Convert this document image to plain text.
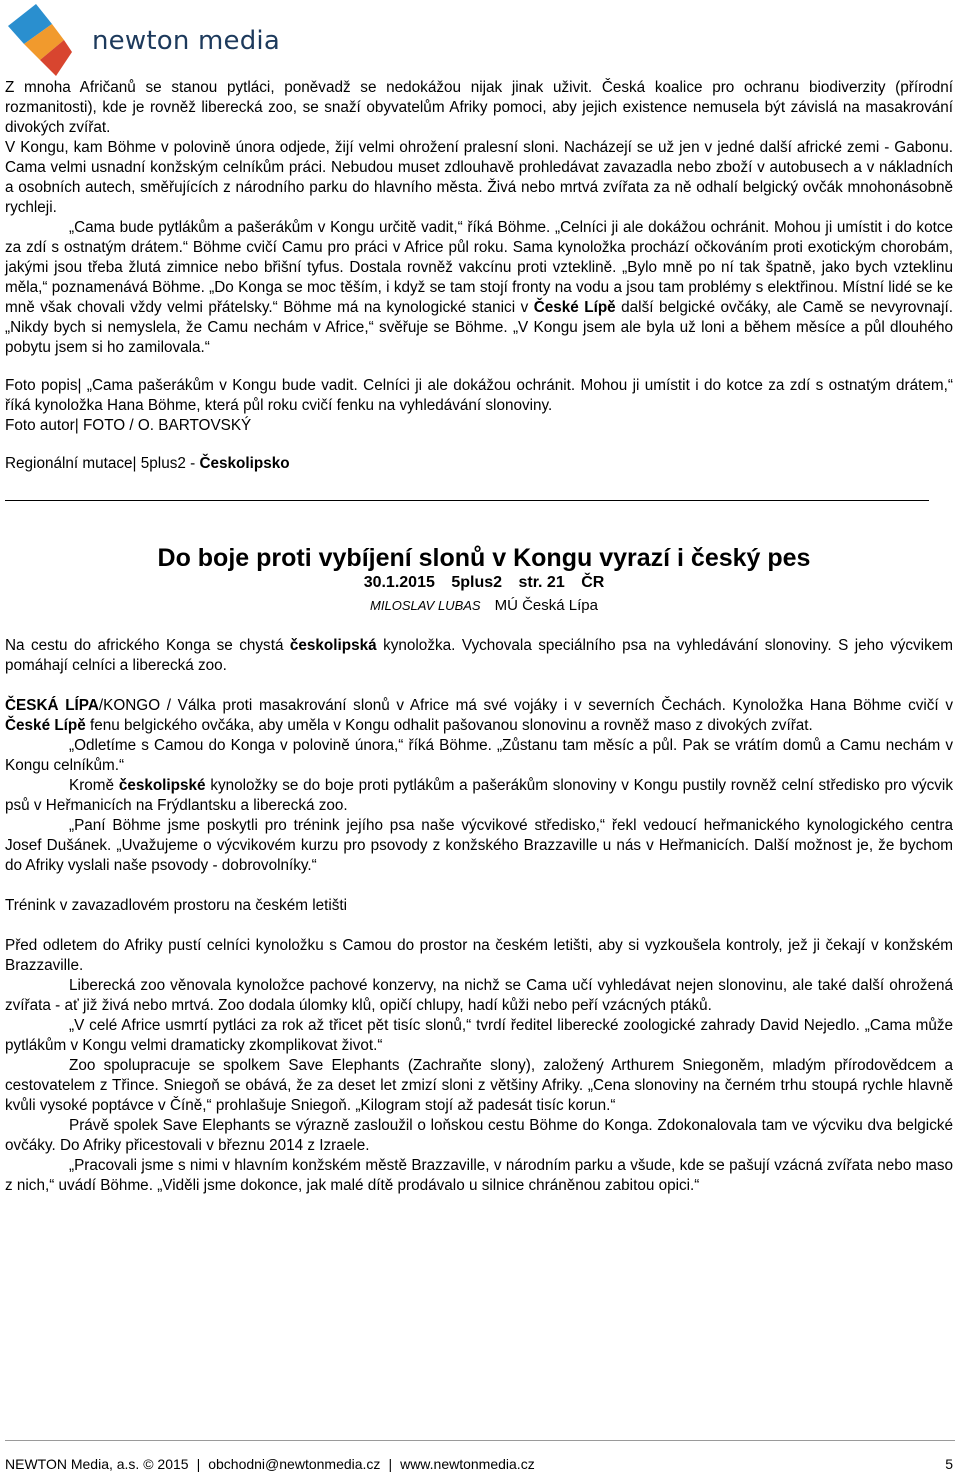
newton media

Z mnoha Afričanů se stanou pytláci, poněvadž se nedokážou nijak jinak uživit. Česká koalice pro ochranu biodiverzity (přírodní rozmanitosti), kde je rovněž liberecká zoo, se snaží obyvatelům Afriky pomoci, aby jejich existence nemusela být závislá na masakrování divokých zvířat.

V Kongu, kam Böhme v polovině února odjede, žijí velmi ohrožení pralesní sloni. Nacházejí se už jen v jedné další africké zemi - Gabonu. Cama velmi usnadní konžským celníkům práci. Nebudou muset zdlouhavě prohledávat zavazadla nebo zboží v autobusech a v nákladních a osobních autech, směřujících z národního parku do hlavního města. Živá nebo mrtvá zvířata za ně odhalí belgický ovčák mnohonásobně rychleji.

„Cama bude pytlákům a pašerákům v Kongu určitě vadit,“ říká Böhme. „Celníci ji ale dokážou ochránit. Mohou ji umístit i do kotce za zdí s ostnatým drátem.“ Böhme cvičí Camu pro práci v Africe půl roku. Sama kynoložka prochází očkováním proti exotickým chorobám, jakými jsou třeba žlutá zimnice nebo břišní tyfus. Dostala rovněž vakcínu proti vzteklině. „Bylo mně po ní tak špatně, jako bych vzteklinu měla,“ poznamenává Böhme. „Do Konga se moc těším, i když se tam stojí fronty na vodu a jsou tam problémy s elektřinou. Místní lidé se ke mně však chovali vždy velmi přátelsky.“ Böhme má na kynologické stanici v České Lípě další belgické ovčáky, ale Camě se nevyrovnají. „Nikdy bych si nemyslela, že Camu nechám v Africe,“ svěřuje se Böhme. „V Kongu jsem ale byla už loni a během měsíce a půl dlouhého pobytu jsem si ho zamilovala.“

Foto popis| „Cama pašerákům v Kongu bude vadit. Celníci ji ale dokážou ochránit. Mohou ji umístit i do kotce za zdí s ostnatým drátem,“ říká kynoložka Hana Böhme, která půl roku cvičí fenku na vyhledávání slonoviny.

Foto autor| FOTO / O. BARTOVSKÝ

Regionální mutace| 5plus2 - Českolipsko

Do boje proti vybíjení slonů v Kongu vyrazí i český pes
30.1.2015 5plus2 str. 21 ČR
MILOSLAV LUBAS MÚ Česká Lípa

Na cestu do afrického Konga se chystá českolipská kynoložka. Vychovala speciálního psa na vyhledávání slonoviny. S jeho výcvikem pomáhají celníci a liberecká zoo.

ČESKÁ LÍPA/KONGO / Válka proti masakrování slonů v Africe má své vojáky i v severních Čechách. Kynoložka Hana Böhme cvičí v České Lípě fenu belgického ovčáka, aby uměla v Kongu odhalit pašovanou slonovinu a rovněž maso z divokých zvířat.

„Odletíme s Camou do Konga v polovině února,“ říká Böhme. „Zůstanu tam měsíc a půl. Pak se vrátím domů a Camu nechám v Kongu celníkům.“

Kromě českolipské kynoložky se do boje proti pytlákům a pašerákům slonoviny v Kongu pustily rovněž celní středisko pro výcvik psů v Heřmanicích na Frýdlantsku a liberecká zoo.

„Paní Böhme jsme poskytli pro trénink jejího psa naše výcvikové středisko,“ řekl vedoucí heřmanického kynologického centra Josef Dušánek. „Uvažujeme o výcvikovém kurzu pro psovody z konžského Brazzaville u nás v Heřmanicích. Další možnost je, že bychom do Afriky vyslali naše psovody - dobrovolníky.“

Trénink v zavazadlovém prostoru na českém letišti

Před odletem do Afriky pustí celníci kynoložku s Camou do prostor na českém letišti, aby si vyzkoušela kontroly, jež ji čekají v konžském Brazzaville.

Liberecká zoo věnovala kynoložce pachové konzervy, na nichž se Cama učí vyhledávat nejen slonovinu, ale také další ohrožená zvířata - ať již živá nebo mrtvá. Zoo dodala úlomky klů, opičí chlupy, hadí kůži nebo peří vzácných ptáků.

„V celé Africe usmrtí pytláci za rok až třicet pět tisíc slonů,“ tvrdí ředitel liberecké zoologické zahrady David Nejedlo. „Cama může pytlákům v Kongu velmi dramaticky zkomplikovat život.“

Zoo spolupracuje se spolkem Save Elephants (Zachraňte slony), založený Arthurem Sniegoněm, mladým přírodovědcem a cestovatelem z Třince. Sniegoň se obává, že za deset let zmizí sloni z většiny Afriky. „Cena slonoviny na černém trhu stoupá rychle hlavně kvůli vysoké poptávce v Číně,“ prohlašuje Sniegoň. „Kilogram stojí až padesát tisíc korun.“

Právě spolek Save Elephants se výrazně zasloužil o loňskou cestu Böhme do Konga. Zdokonalovala tam ve výcviku dva belgické ovčáky. Do Afriky přicestovali v březnu 2014 z Izraele.

„Pracovali jsme s nimi v hlavním konžském městě Brazzaville, v národním parku a všude, kde se pašují vzácná zvířata nebo maso z nich,“ uvádí Böhme. „Viděli jsme dokonce, jak malé dítě prodávalo u silnice chráněnou zabitou opici.“

NEWTON Media, a.s. © 2015 | obchodni@newtonmedia.cz | www.newtonmedia.cz	5
